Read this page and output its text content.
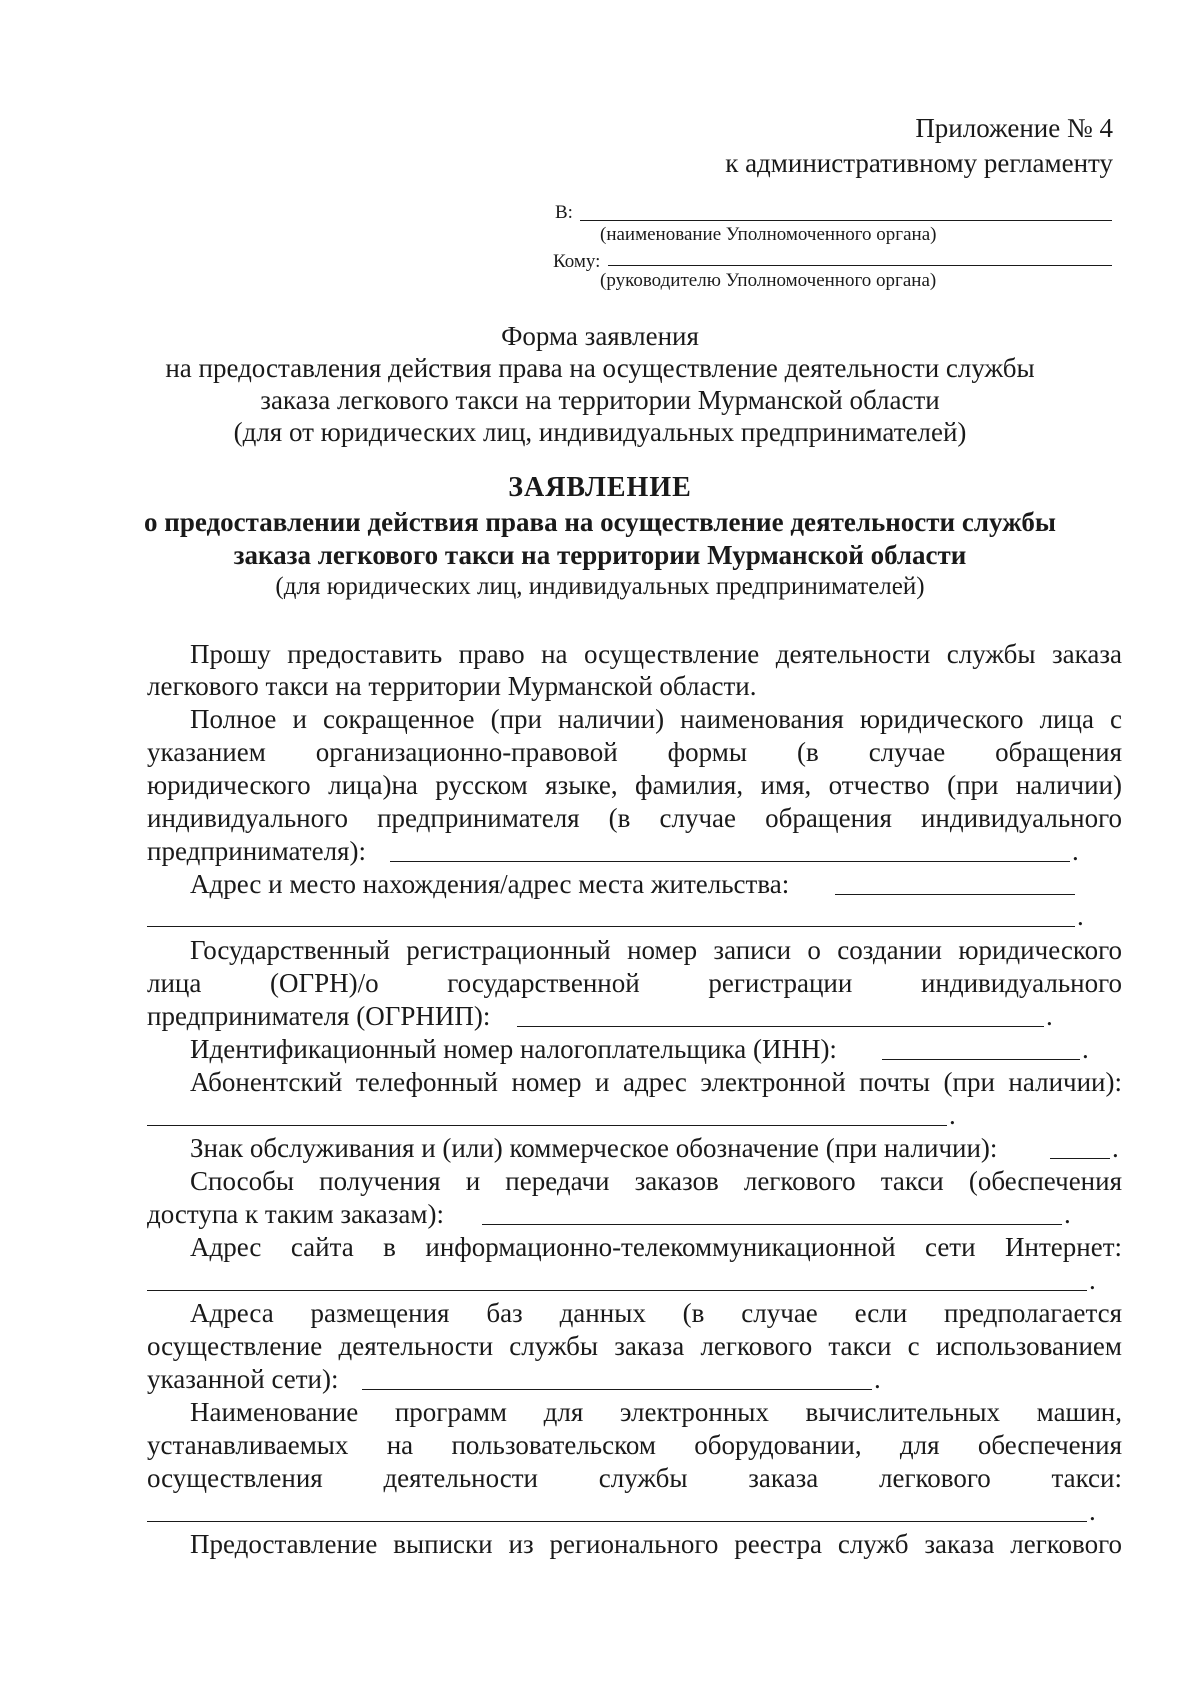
Приложение № 4
к административному регламенту
В:
(наименование Уполномоченного органа)
Кому:
(руководителю Уполномоченного органа)
Форма заявления
на предоставления действия права на осуществление деятельности службы
заказа легкового такси на территории Мурманской области
(для от юридических лиц, индивидуальных предпринимателей)
ЗАЯВЛЕНИЕ
о предоставлении действия права на осуществление деятельности службы
заказа легкового такси на территории Мурманской области
(для юридических лиц, индивидуальных предпринимателей)
Прошу предоставить право на осуществление деятельности службы заказа
легкового такси на территории Мурманской области.
Полное и сокращенное (при наличии) наименования юридического лица с
указанием организационно-правовой формы (в случае обращения
юридического лица)на русском языке, фамилия, имя, отчество (при наличии)
индивидуального предпринимателя (в случае обращения индивидуального
предпринимателя):	.
Адрес и место нахождения/адрес места жительства:
.
Государственный регистрационный номер записи о создании юридического
лица (ОГРН)/о государственной регистрации индивидуального
предпринимателя (ОГРНИП):	.
Идентификационный номер налогоплательщика (ИНН):	.
Абонентский телефонный номер и адрес электронной почты (при наличии):
.
Знак обслуживания и (или) коммерческое обозначение (при наличии):	.
Способы получения и передачи заказов легкового такси (обеспечения
доступа к таким заказам):	.
Адрес сайта в информационно-телекоммуникационной сети Интернет:
.
Адреса размещения баз данных (в случае если предполагается
осуществление деятельности службы заказа легкового такси с использованием
указанной сети):	.
Наименование программ для электронных вычислительных машин,
устанавливаемых на пользовательском оборудовании, для обеспечения
осуществления деятельности службы заказа легкового такси:
.
Предоставление выписки из регионального реестра служб заказа легкового
